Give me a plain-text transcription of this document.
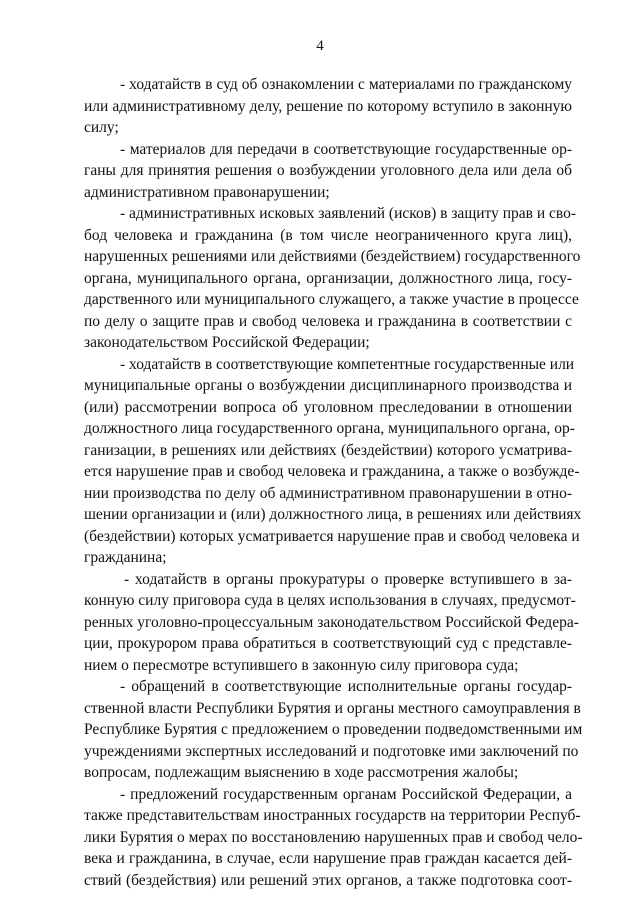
4
- ходатайств в суд об ознакомлении с материалами по гражданскому
или административному делу, решение по которому вступило в законную
силу;
- материалов для передачи в соответствующие государственные ор-
ганы для принятия решения о возбуждении уголовного дела или дела об
административном правонарушении;
- административных исковых заявлений (исков) в защиту прав и сво-
бод человека и гражданина (в том числе неограниченного круга лиц),
нарушенных решениями или действиями (бездействием) государственного
органа, муниципального органа, организации, должностного лица, госу-
дарственного или муниципального служащего, а также участие в процессе
по делу о защите прав и свобод человека и гражданина в соответствии с
законодательством Российской Федерации;
- ходатайств в соответствующие компетентные государственные или
муниципальные органы о возбуждении дисциплинарного производства и
(или) рассмотрении вопроса об уголовном преследовании в отношении
должностного лица государственного органа, муниципального органа, ор-
ганизации, в решениях или действиях (бездействии) которого усматрива-
ется нарушение прав и свобод человека и гражданина, а также о возбужде-
нии производства по делу об административном правонарушении в отно-
шении организации и (или) должностного лица, в решениях или действиях
(бездействии) которых усматривается нарушение прав и свобод человека и
гражданина;
- ходатайств в органы прокуратуры о проверке вступившего в за-
конную силу приговора суда в целях использования в случаях, предусмот-
ренных уголовно-процессуальным законодательством Российской Федера-
ции, прокурором права обратиться в соответствующий суд с представле-
нием о пересмотре вступившего в законную силу приговора суда;
- обращений в соответствующие исполнительные органы государ-
ственной власти Республики Бурятия и органы местного самоуправления в
Республике Бурятия с предложением о проведении подведомственными им
учреждениями экспертных исследований и подготовке ими заключений по
вопросам, подлежащим выяснению в ходе рассмотрения жалобы;
- предложений государственным органам Российской Федерации, а
также представительствам иностранных государств на территории Респуб-
лики Бурятия о мерах по восстановлению нарушенных прав и свобод чело-
века и гражданина, в случае, если нарушение прав граждан касается дей-
ствий (бездействия) или решений этих органов, а также подготовка соот-
